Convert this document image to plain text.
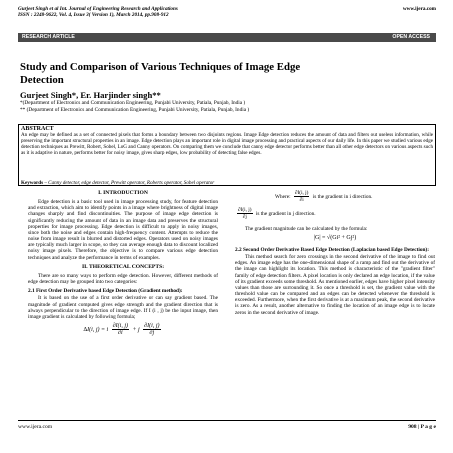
Gurjeet Singh et al Int. Journal of Engineering Research and Applications
ISSN : 2248-9622, Vol. 4, Issue 3( Version 1), March 2014, pp.908-912
www.ijera.com
RESEARCH ARTICLE	OPEN ACCESS
Study and Comparison of Various Techniques of Image Edge Detection
Gurjeet Singh*, Er. Harjinder singh**
*(Department of Electronics and Communication Engineering, Punjabi University, Patiala, Punjab, India )
** (Department of Electronics and Communication Engineering, Punjabi University, Patiala, Punjab, India )
ABSTRACT
An edge may be defined as a set of connected pixels that forms a boundary between two disjoints regions. Image Edge detection reduces the amount of data and filters out useless information, while preserving the important structural properties in an image. Edge detection plays an important role in digital image processing and practical aspects of our daily life. In this paper we studied various edge detection techniques as Prewitt, Robert, Sobel, LoG and Canny operators. On comparing them we conclude that canny edge detector performs better than all other edge detectors on various aspects such as it is adaptive in nature, performs better for noisy image, gives sharp edges, low probability of detecting false edges.
Keywords – Canny detector, edge detector, Prewitt operator, Roberts operator, Sobel operator
I. INTRODUCTION

Edge detection is a basic tool used in image processing study, for feature detection and extraction, which aim to identify points in a image where brightness of digital image changes sharply and find discontinuities. The purpose of image edge detection is significantly reducing the amount of data in an image data and preserves the structural properties for image processing. Edge detection is difficult to apply in noisy images, since both the noise and edges contain high-frequency content. Attempts to reduce the noise from image result in blurred and distorted edges. Operators used on noisy images are typically much larger in scope, so they can average enough data to discount localized noisy image pixels. Therefore, the objective is to compare various edge detection techniques and analyze the performance in terms of examples.

II. THEORETICAL CONCEPTS:

There are so many ways to perform edge detection. However, different methods of edge detection may be grouped into two categories:

2.1 First Order Derivative based Edge Detection (Gradient method):

It is based on the use of a first order derivative or can say gradient based. The magnitude of gradient computed gives edge strength and the gradient direction that is always perpendicular to the direction of image edge. If I (i , j) be the input image, then image gradient is calculated by following formula;

∆I(i, j) = i $\frac{\partial I(i, j)}{\partial i} + j \frac{\partial I(i, j)}{\partial j}$
Where: $\frac{\partial I(i, j)}{\partial i}$ is the gradient in i direction.
$\frac{\partial I(i, j)}{\partial j}$ is the gradient in j direction.

The gradient magnitude can be calculated by the formula:

|G| = √(Gi² + Gj²)
2.2 Second Order Derivative Based Edge Detection (Laplacian based Edge Detection):

This method search for zero crossings in the second derivative of the image to find out edges. An image edge has the one-dimensional shape of a ramp and find out the derivative of the image can highlight its location. This method is characteristic of the "gradient filter" family of edge detection filters. A pixel location is only declared an edge location, if the value of its gradient exceeds some threshold. As mentioned earlier, edges have higher pixel intensity values than those are surrounding it. So once a threshold is set, the gradient value with the threshold value can be compared and an edges can be detected whenever the threshold is exceeded. Furthermore, when the first derivative is at a maximum peak, the second derivative is zero. As a result, another alternative to finding the location of an image edge is to locate zeros in the second derivative of image.

www.ijera.com	908 | P a g e
